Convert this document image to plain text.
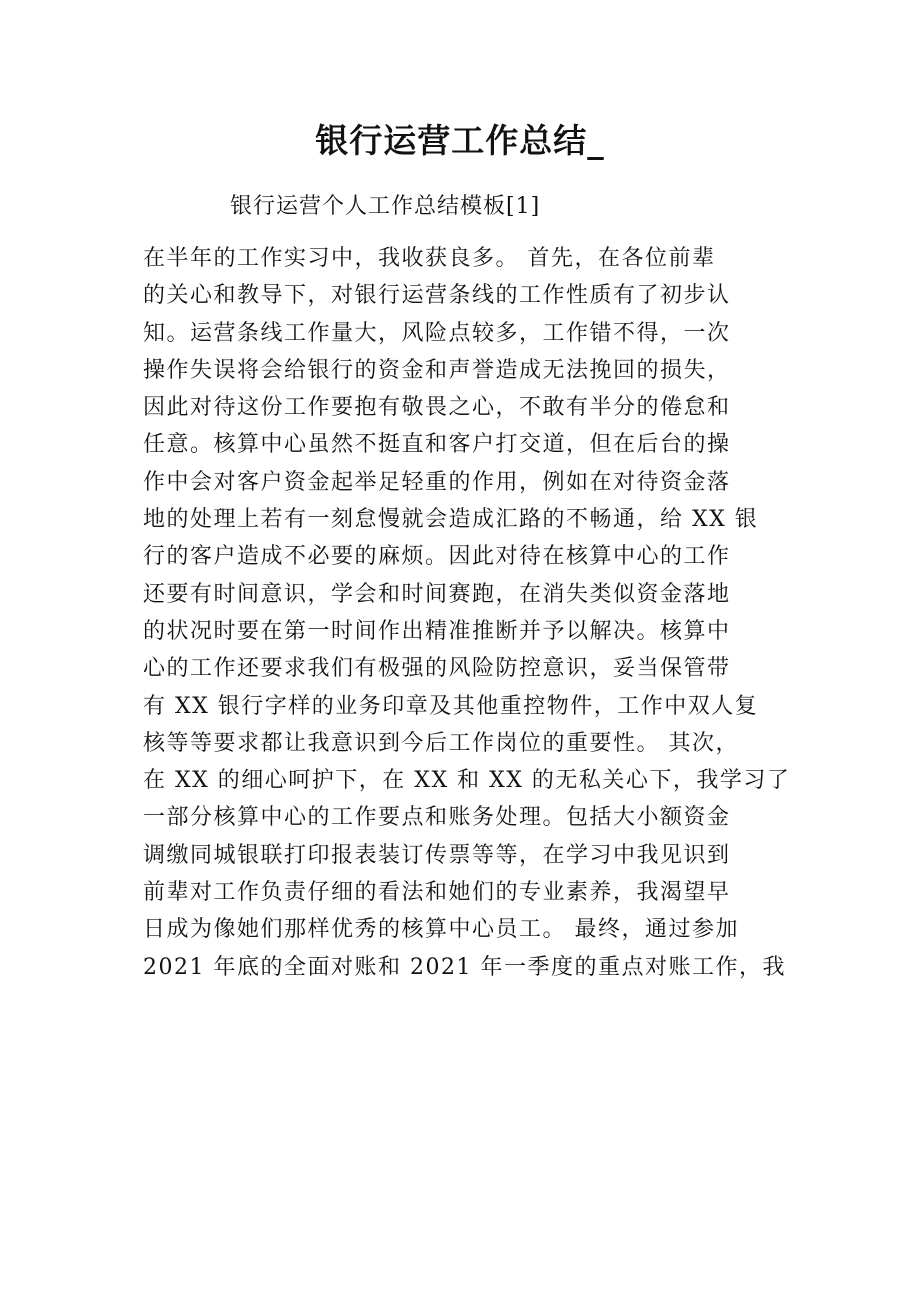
银行运营工作总结_

银行运营个人工作总结模板[1]

在半年的工作实习中，我收获良多。 首先，在各位前辈
的关心和教导下，对银行运营条线的工作性质有了初步认
知。运营条线工作量大，风险点较多，工作错不得，一次
操作失误将会给银行的资金和声誉造成无法挽回的损失，
因此对待这份工作要抱有敬畏之心，不敢有半分的倦怠和
任意。核算中心虽然不挺直和客户打交道，但在后台的操
作中会对客户资金起举足轻重的作用，例如在对待资金落
地的处理上若有一刻怠慢就会造成汇路的不畅通，给 XX 银
行的客户造成不必要的麻烦。因此对待在核算中心的工作
还要有时间意识，学会和时间赛跑，在消失类似资金落地
的状况时要在第一时间作出精准推断并予以解决。核算中
心的工作还要求我们有极强的风险防控意识，妥当保管带
有 XX 银行字样的业务印章及其他重控物件，工作中双人复
核等等要求都让我意识到今后工作岗位的重要性。 其次，
在 XX 的细心呵护下，在 XX 和 XX 的无私关心下，我学习了
一部分核算中心的工作要点和账务处理。包括大小额资金
调缴同城银联打印报表装订传票等等，在学习中我见识到
前辈对工作负责仔细的看法和她们的专业素养，我渴望早
日成为像她们那样优秀的核算中心员工。 最终，通过参加
2021 年底的全面对账和 2021 年一季度的重点对账工作，我
